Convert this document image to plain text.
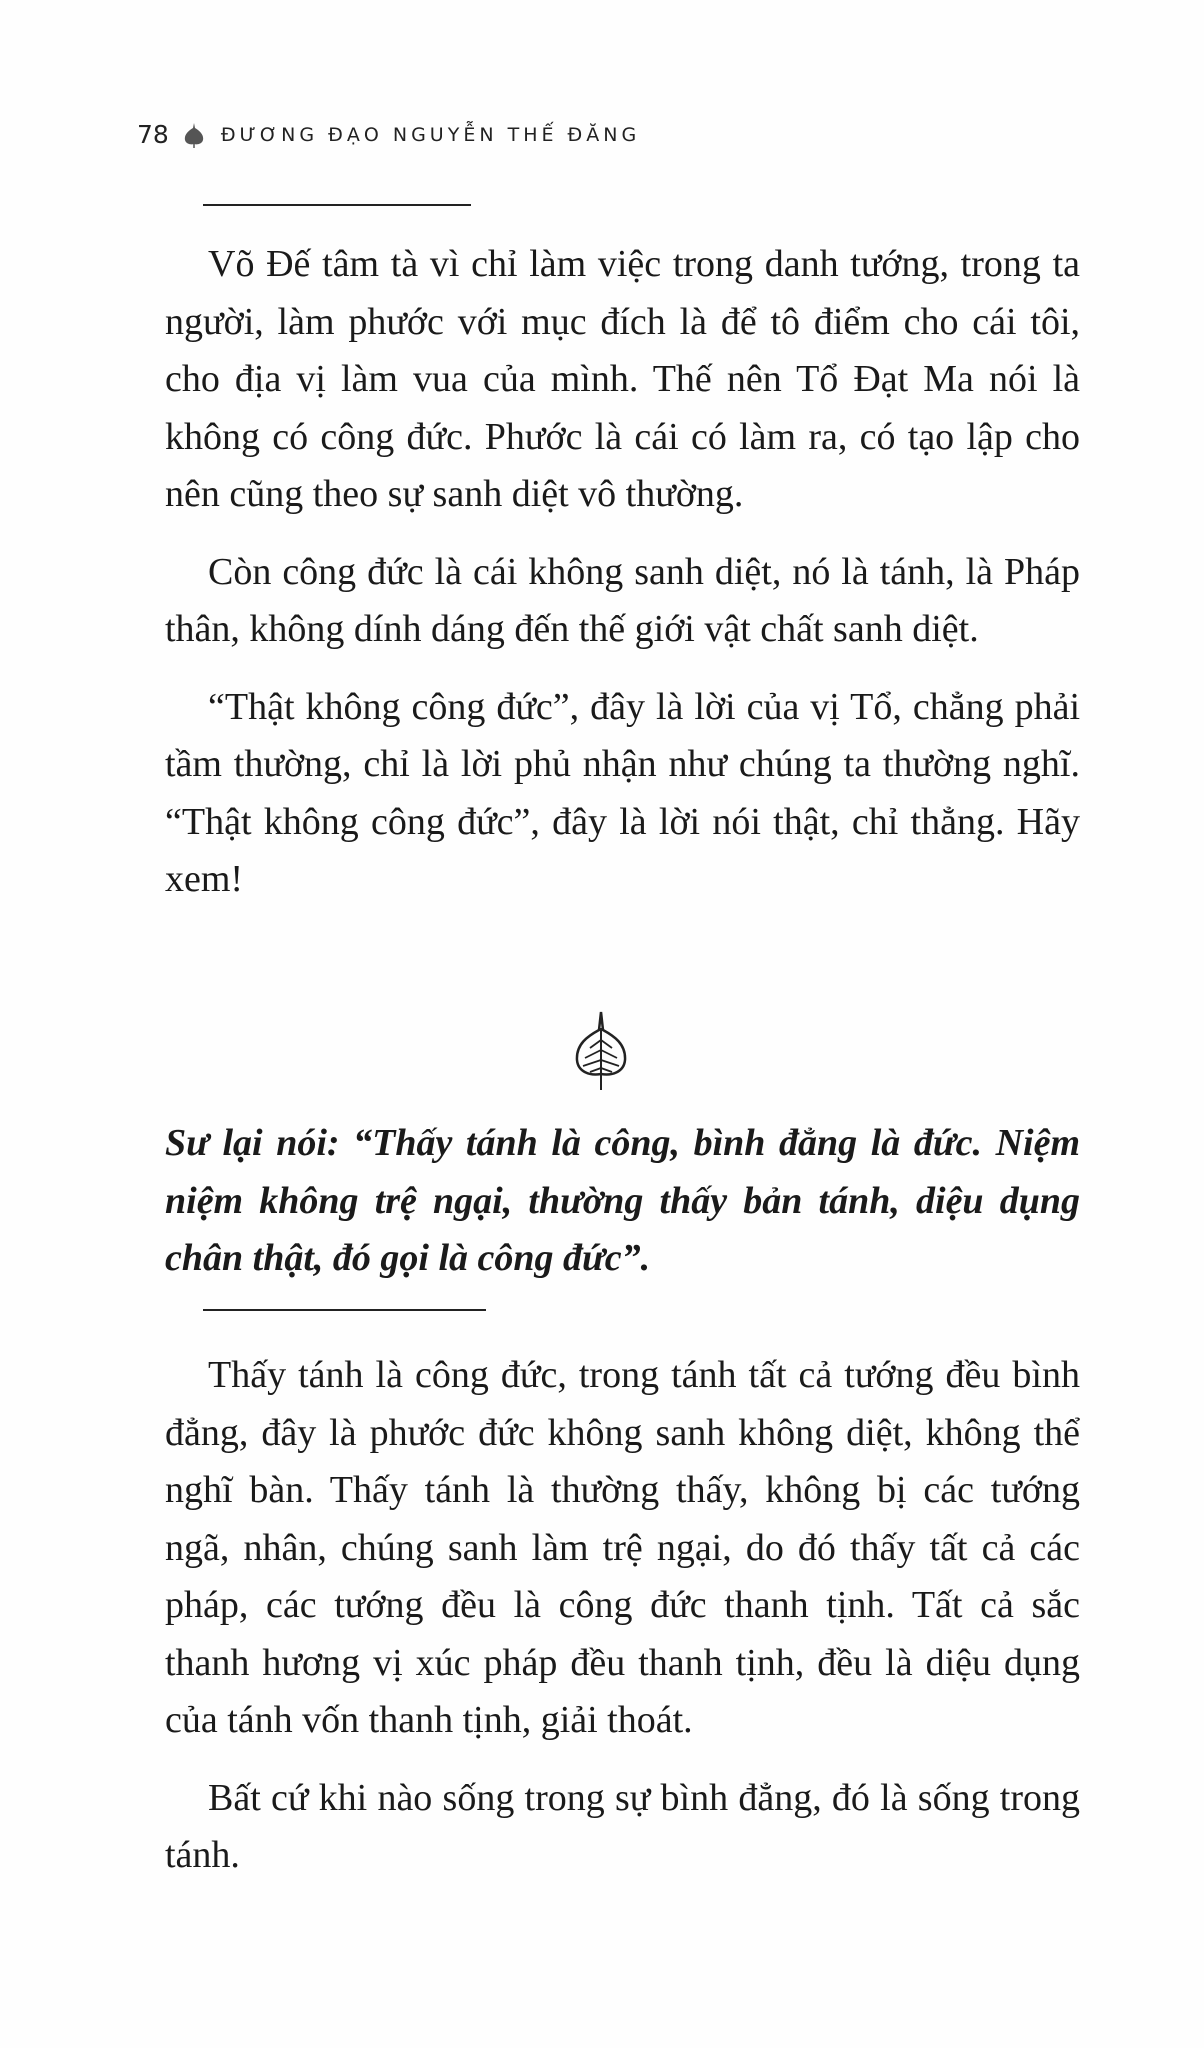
78	ĐƯƠNG ĐẠO NGUYỄN THẾ ĐĂNG

Võ Đế tâm tà vì chỉ làm việc trong danh tướng, trong ta người, làm phước với mục đích là để tô điểm cho cái tôi, cho địa vị làm vua của mình. Thế nên Tổ Đạt Ma nói là không có công đức. Phước là cái có làm ra, có tạo lập cho nên cũng theo sự sanh diệt vô thường.

Còn công đức là cái không sanh diệt, nó là tánh, là Pháp thân, không dính dáng đến thế giới vật chất sanh diệt.

“Thật không công đức”, đây là lời của vị Tổ, chẳng phải tầm thường, chỉ là lời phủ nhận như chúng ta thường nghĩ. “Thật không công đức”, đây là lời nói thật, chỉ thẳng. Hãy xem!

Sư lại nói: “Thấy tánh là công, bình đẳng là đức. Niệm niệm không trệ ngại, thường thấy bản tánh, diệu dụng chân thật, đó gọi là công đức”.

Thấy tánh là công đức, trong tánh tất cả tướng đều bình đẳng, đây là phước đức không sanh không diệt, không thể nghĩ bàn. Thấy tánh là thường thấy, không bị các tướng ngã, nhân, chúng sanh làm trệ ngại, do đó thấy tất cả các pháp, các tướng đều là công đức thanh tịnh. Tất cả sắc thanh hương vị xúc pháp đều thanh tịnh, đều là diệu dụng của tánh vốn thanh tịnh, giải thoát.

Bất cứ khi nào sống trong sự bình đẳng, đó là sống trong tánh.
